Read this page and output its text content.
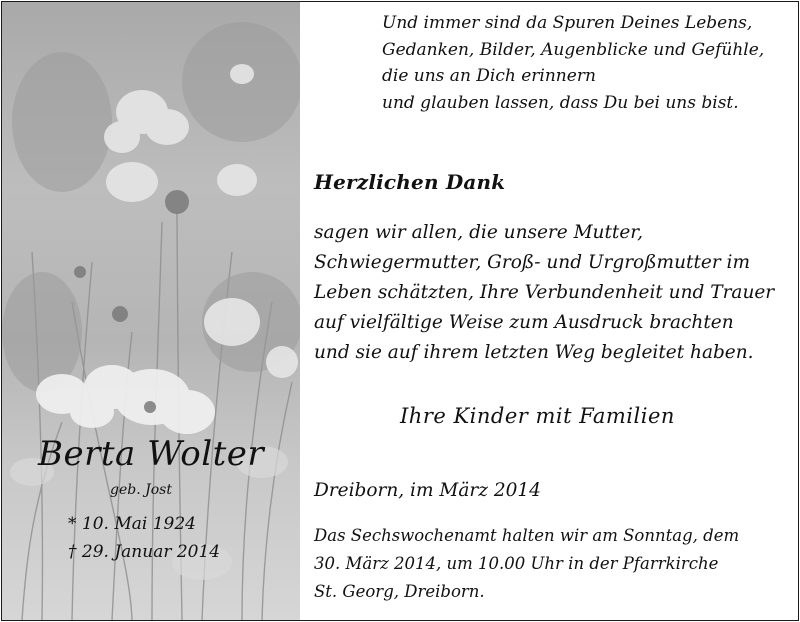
Berta Wolter
geb. Jost
* 10. Mai 1924
† 29. Januar 2014
Und immer sind da Spuren Deines Lebens,
Gedanken, Bilder, Augenblicke und Gefühle,
die uns an Dich erinnern
und glauben lassen, dass Du bei uns bist.
Herzlichen Dank
sagen wir allen, die unsere Mutter,
Schwiegermutter, Groß- und Urgroßmutter im
Leben schätzten, Ihre Verbundenheit und Trauer
auf vielfältige Weise zum Ausdruck brachten
und sie auf ihrem letzten Weg begleitet haben.
Ihre Kinder mit Familien
Dreiborn, im März 2014
Das Sechswochenamt halten wir am Sonntag, dem
30. März 2014, um 10.00 Uhr in der Pfarrkirche
St. Georg, Dreiborn.
